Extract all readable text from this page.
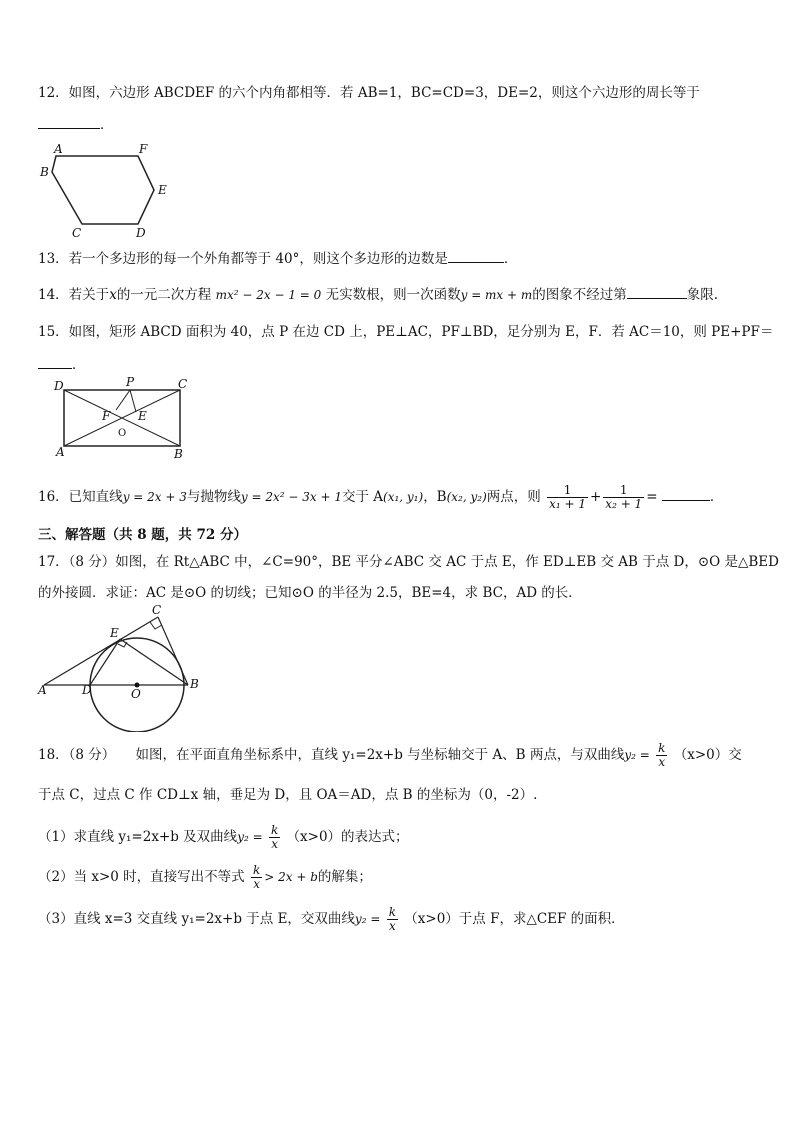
12．如图，六边形 ABCDEF 的六个内角都相等．若 AB=1，BC=CD=3，DE=2，则这个六边形的周长等于
．
A	F
B
E
C	D
13．若一个多边形的每一个外角都等于 40°，则这个多边形的边数是	．
14．若关于x的一元二次方程 mx² − 2x − 1 = 0 无实数根，则一次函数y = mx + m的图象不经过第	象限.
15．如图，矩形 ABCD 面积为 40，点 P 在边 CD 上，PE⊥AC，PF⊥BD，足分别为 E，F．若 AC＝10，则 PE+PF＝
．
D	P	C
F E
O
A	B
16．已知直线y = 2x + 3与抛物线y = 2x² − 3x + 1交于 A(x₁, y₁)，B(x₂, y₂)两点，则 $\frac{1}{\text{x₁ + 1}} + \frac{1}{\text{x₂ + 1}}$ =	．
三、解答题（共 8 题，共 72 分）
17．（8 分）如图，在 Rt△ABC 中，∠C=90°，BE 平分∠ABC 交 AC 于点 E，作 ED⊥EB 交 AB 于点 D，⊙O 是△BED
的外接圆．求证：AC 是⊙O 的切线；已知⊙O 的半径为 2.5，BE=4，求 BC，AD 的长．
C
E
A	D	O
B
18．（8 分）　　如图，在平面直角坐标系中，直线 y₁=2x+b 与坐标轴交于 A、B 两点，与双曲线$y_2 = \frac{k}{x} (x>0)$交
于点 C，过点 C 作 CD⊥x 轴，垂足为 D，且 OA＝AD，点 B 的坐标为（0，-2）.
（1）求直线 y₁=2x+b 及双曲线$y_2 = \frac{k}{x} (x>0)$的表达式；
（2）当 x>0 时，直接写出不等式 $\frac{k}{x} > 2x + b$的解集；
（3）直线 x=3 交直线 y₁=2x+b 于点 E，交双曲线$y_2 = \frac{k}{x} (x>0)$于点 F，求△CEF 的面积．
